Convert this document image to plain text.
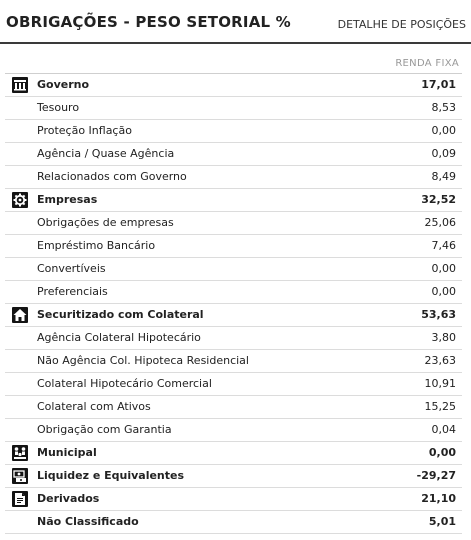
OBRIGAÇÕES - PESO SETORIAL %	DETALHE DE POSIÇÕES
RENDA FIXA
Governo	17,01
Tesouro	8,53
Proteção Inflação	0,00
Agência / Quase Agência	0,09
Relacionados com Governo	8,49
Empresas	32,52
Obrigações de empresas	25,06
Empréstimo Bancário	7,46
Convertíveis	0,00
Preferenciais	0,00
Securitizado com Colateral	53,63
Agência Colateral Hipotecário	3,80
Não Agência Col. Hipoteca Residencial	23,63
Colateral Hipotecário Comercial	10,91
Colateral com Ativos	15,25
Obrigação com Garantia	0,04
Municipal	0,00
Liquidez e Equivalentes	-29,27
Derivados	21,10
Não Classificado	5,01
